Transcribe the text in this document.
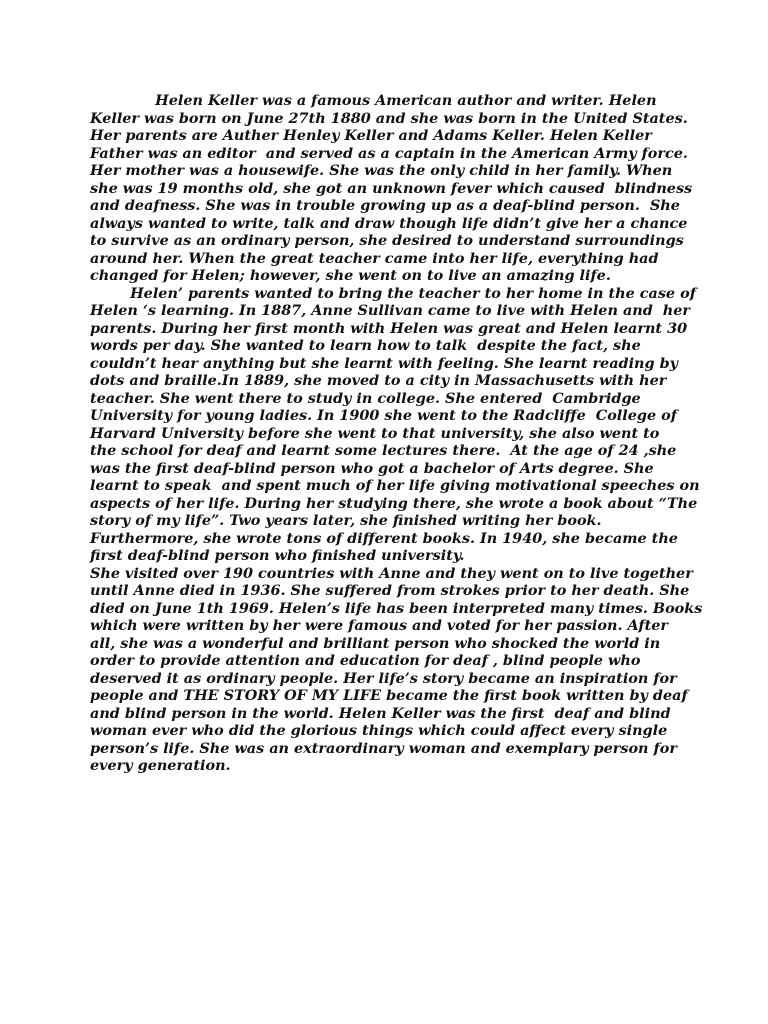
Helen Keller was a famous American author and writer. Helen
Keller was born on June 27th 1880 and she was born in the United States.
Her parents are Auther Henley Keller and Adams Keller. Helen Keller
Father was an editor  and served as a captain in the American Army force.
Her mother was a housewife. She was the only child in her family. When
she was 19 months old, she got an unknown fever which caused  blindness
and deafness. She was in trouble growing up as a deaf-blind person.  She
always wanted to write, talk and draw though life didn’t give her a chance
to survive as an ordinary person, she desired to understand surroundings
around her. When the great teacher came into her life, everything had
changed for Helen; however, she went on to live an amazing life.
Helen’ parents wanted to bring the teacher to her home in the case of
Helen ‘s learning. In 1887, Anne Sullivan came to live with Helen and  her
parents. During her first month with Helen was great and Helen learnt 30
words per day. She wanted to learn how to talk  despite the fact, she
couldn’t hear anything but she learnt with feeling. She learnt reading by
dots and braille.In 1889, she moved to a city in Massachusetts with her
teacher. She went there to study in college. She entered  Cambridge
University for young ladies. In 1900 she went to the Radcliffe  College of
Harvard University before she went to that university, she also went to
the school for deaf and learnt some lectures there.  At the age of 24 ,she
was the first deaf-blind person who got a bachelor of Arts degree. She
learnt to speak  and spent much of her life giving motivational speeches on
aspects of her life. During her studying there, she wrote a book about “The
story of my life”. Two years later, she finished writing her book.
Furthermore, she wrote tons of different books. In 1940, she became the
first deaf-blind person who finished university.
She visited over 190 countries with Anne and they went on to live together
until Anne died in 1936. She suffered from strokes prior to her death. She
died on June 1th 1969. Helen’s life has been interpreted many times. Books
which were written by her were famous and voted for her passion. After
all, she was a wonderful and brilliant person who shocked the world in
order to provide attention and education for deaf , blind people who
deserved it as ordinary people. Her life’s story became an inspiration for
people and THE STORY OF MY LIFE became the first book written by deaf
and blind person in the world. Helen Keller was the first  deaf and blind
woman ever who did the glorious things which could affect every single
person’s life. She was an extraordinary woman and exemplary person for
every generation.
